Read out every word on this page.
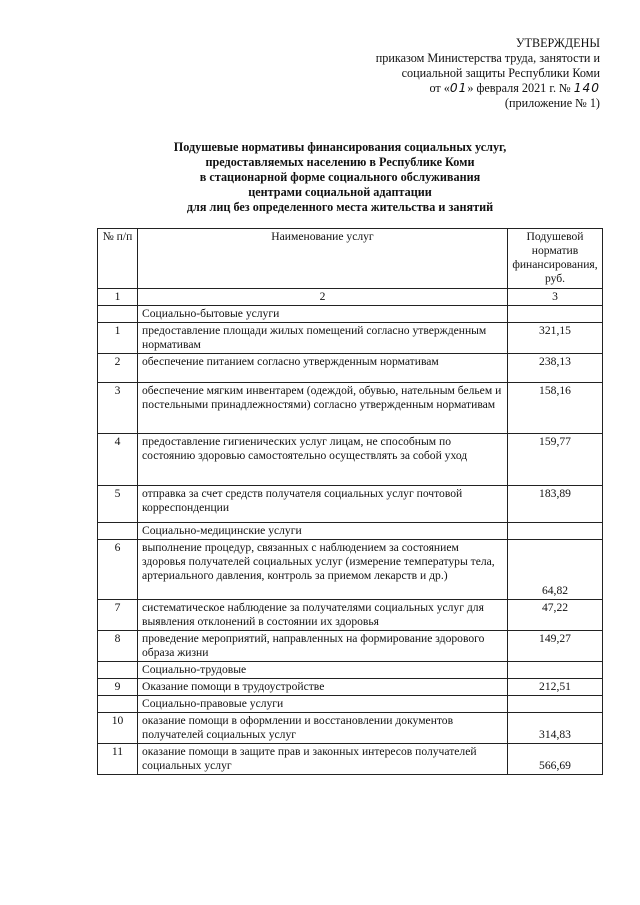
УТВЕРЖДЕНЫ
приказом Министерства труда, занятости и
социальной защиты Республики Коми
от «01» февраля 2021 г. № 140
(приложение № 1)
Подушевые нормативы финансирования социальных услуг,
предоставляемых населению в Республике Коми
в стационарной форме социального обслуживания
центрами социальной адаптации
для лиц без определенного места жительства и занятий
№ п/п	Наименование услуг	Подушевой норматив финансирования, руб.
1	2	3
	Социально-бытовые услуги	
1	предоставление площади жилых помещений согласно утвержденным нормативам	321,15
2	обеспечение питанием согласно утвержденным нормативам	238,13
3	обеспечение мягким инвентарем (одеждой, обувью, нательным бельем и постельными принадлежностями) согласно утвержденным нормативам	158,16
4	предоставление гигиенических услуг лицам, не способным по состоянию здоровью самостоятельно осуществлять за собой уход	159,77
5	отправка за счет средств получателя социальных услуг почтовой корреспонденции	183,89
	Социально-медицинские услуги	
6	выполнение процедур, связанных с наблюдением за состоянием здоровья получателей социальных услуг (измерение температуры тела, артериального давления, контроль за приемом лекарств и др.)	64,82
7	систематическое наблюдение за получателями социальных услуг для выявления отклонений в состоянии их здоровья	47,22
8	проведение мероприятий, направленных на формирование здорового образа жизни	149,27
	Социально-трудовые	
9	Оказание помощи в трудоустройстве	212,51
	Социально-правовые услуги	
10	оказание помощи в оформлении и восстановлении документов получателей социальных услуг	314,83
11	оказание помощи в защите прав и законных интересов получателей социальных услуг	566,69
